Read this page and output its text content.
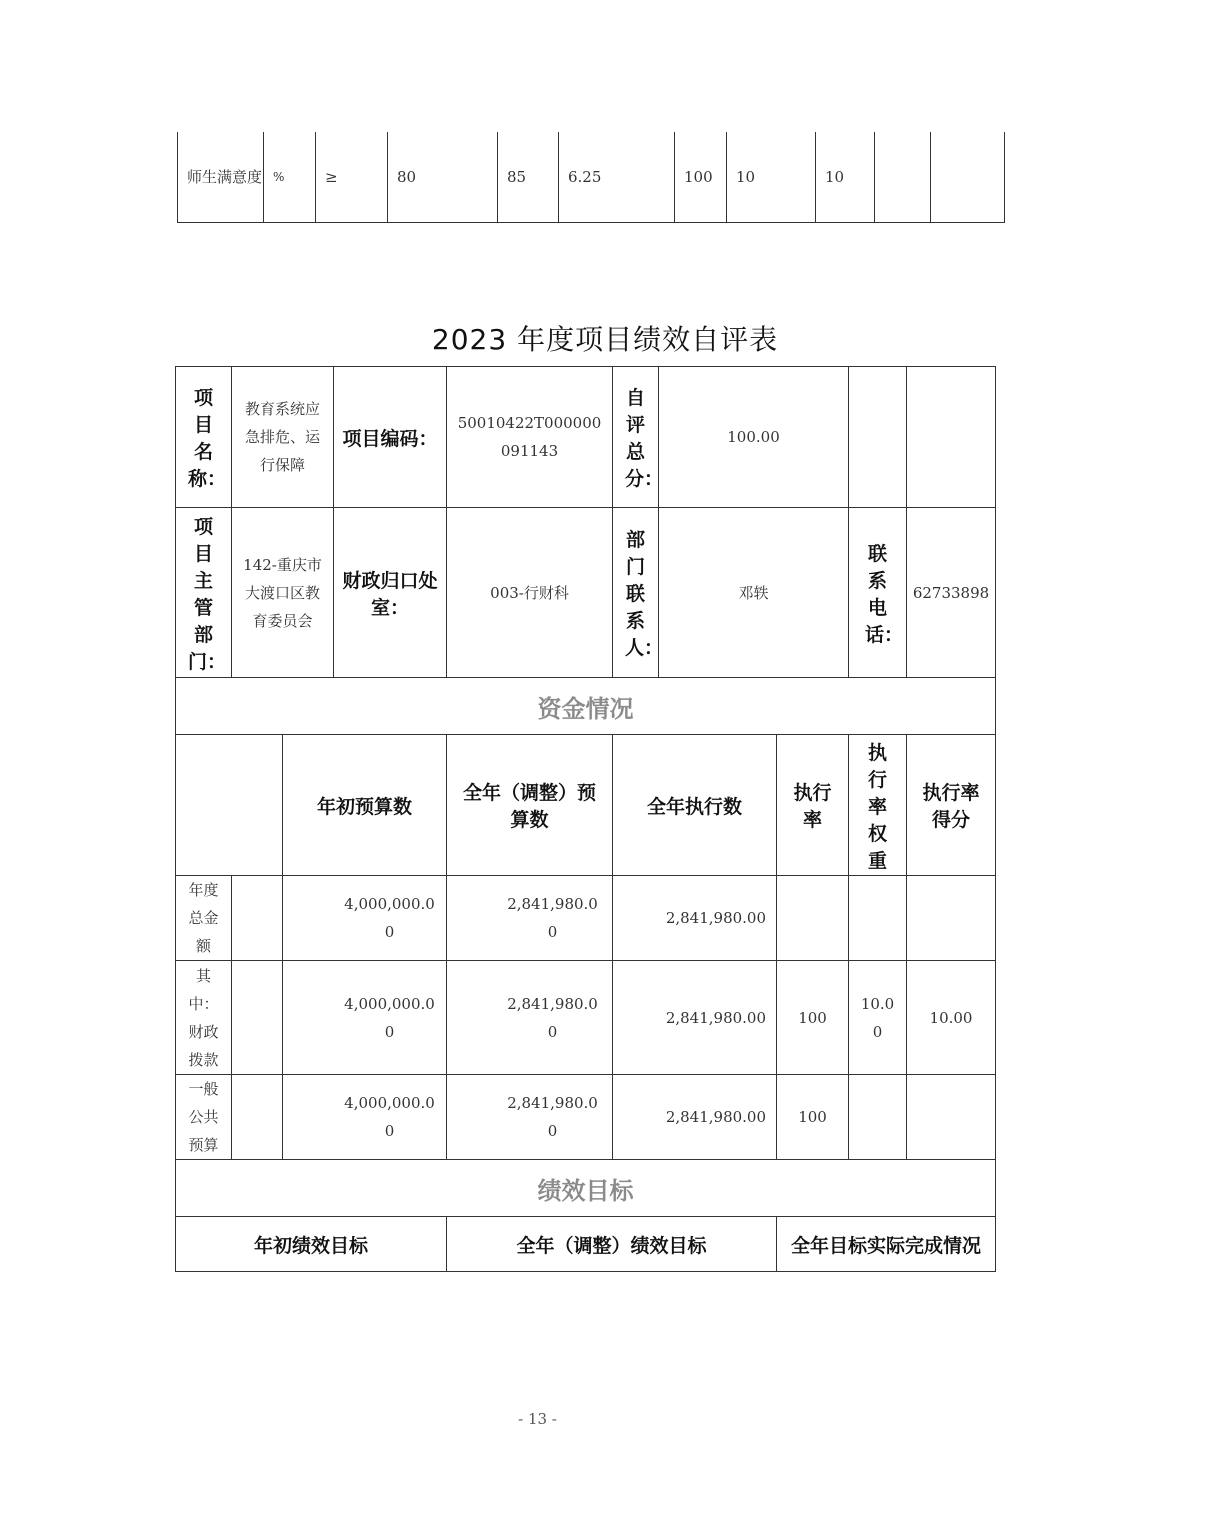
师生满意度	%	≥	80	85	6.25	100	10	10		
2023 年度项目绩效自评表
项目名称：	教育系统应急排危、运行保障		项目编码：	50010422T000000091143	自评总分：	100.00			
项目主管部门：	142-重庆市大渡口区教育委员会		财政归口处室：	003-行财科	部门联系人：	邓轶		联系电话：	62733898
资金情况									
		年初预算数		全年（调整）预算数	全年执行数		执行率	执行率权重	执行率得分
年度总金额		4,000,000.00		2,841,980.00	2,841,980.00				
其中：财政拨款		4,000,000.00		2,841,980.00	2,841,980.00		100	10.00	10.00
一般公共预算		4,000,000.00		2,841,980.00	2,841,980.00		100		
绩效目标									
年初绩效目标				全年（调整）绩效目标			全年目标实际完成情况		
- 13 -
